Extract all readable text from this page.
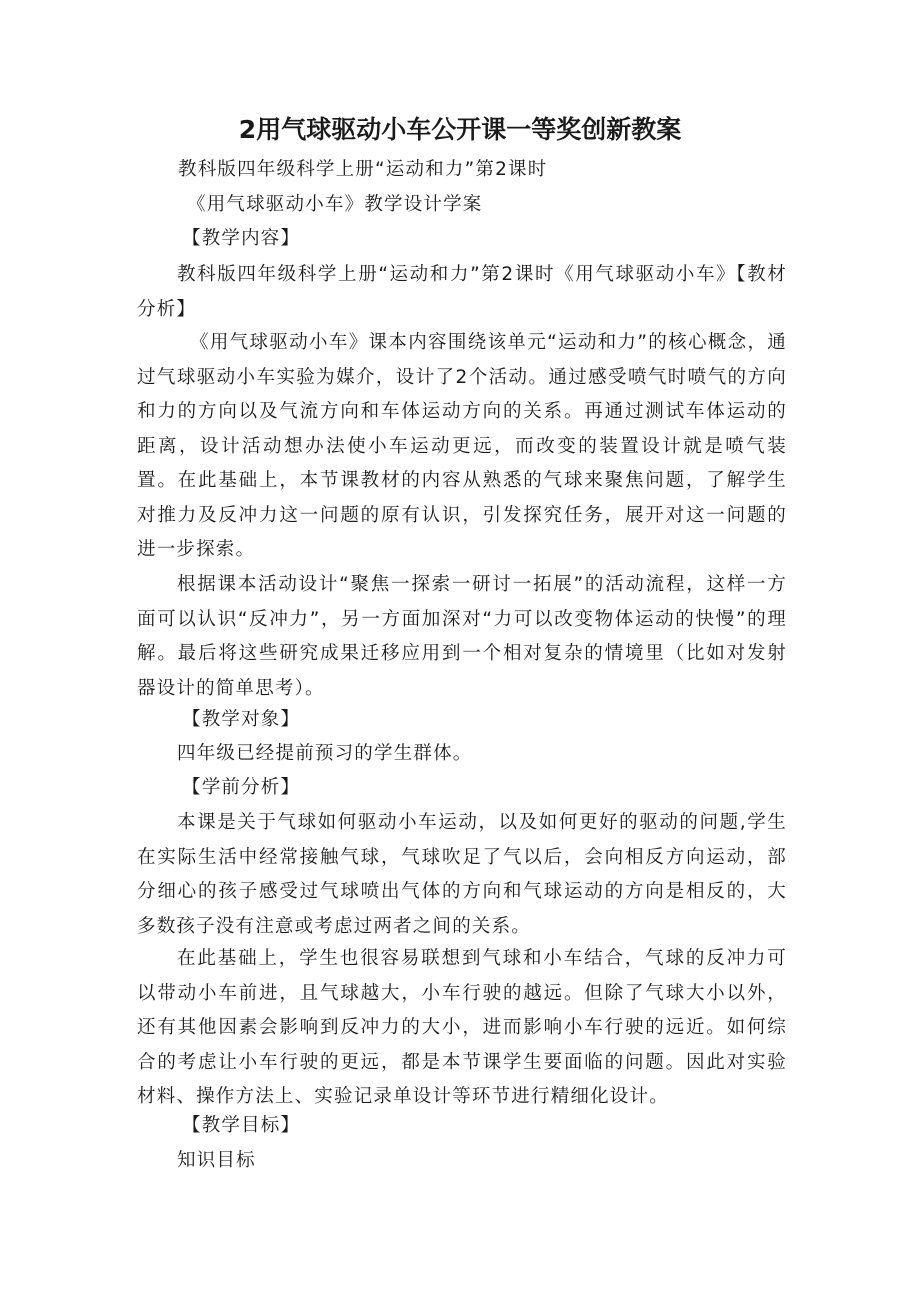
2用气球驱动小车公开课一等奖创新教案
教科版四年级科学上册“运动和力”第2课时
《用气球驱动小车》教学设计学案
【教学内容】

教科版四年级科学上册“运动和力”第2课时《用气球驱动小车》【教材分析】

《用气球驱动小车》课本内容围绕该单元“运动和力”的核心概念，通过气球驱动小车实验为媒介，设计了2个活动。通过感受喷气时喷气的方向和力的方向以及气流方向和车体运动方向的关系。再通过测试车体运动的距离，设计活动想办法使小车运动更远，而改变的装置设计就是喷气装置。在此基础上，本节课教材的内容从熟悉的气球来聚焦问题，了解学生对推力及反冲力这一问题的原有认识，引发探究任务，展开对这一问题的进一步探索。

根据课本活动设计“聚焦一探索一研讨一拓展”的活动流程，这样一方面可以认识“反冲力”，另一方面加深对“力可以改变物体运动的快慢”的理解。最后将这些研究成果迁移应用到一个相对复杂的情境里（比如对发射器设计的简单思考）。

【教学对象】
四年级已经提前预习的学生群体。
【学前分析】

本课是关于气球如何驱动小车运动，以及如何更好的驱动的问题,学生在实际生活中经常接触气球，气球吹足了气以后，会向相反方向运动，部分细心的孩子感受过气球喷出气体的方向和气球运动的方向是相反的，大多数孩子没有注意或考虑过两者之间的关系。

在此基础上，学生也很容易联想到气球和小车结合，气球的反冲力可以带动小车前进，且气球越大，小车行驶的越远。但除了气球大小以外，还有其他因素会影响到反冲力的大小，进而影响小车行驶的远近。如何综合的考虑让小车行驶的更远，都是本节课学生要面临的问题。因此对实验材料、操作方法上、实验记录单设计等环节进行精细化设计。

【教学目标】
知识目标
